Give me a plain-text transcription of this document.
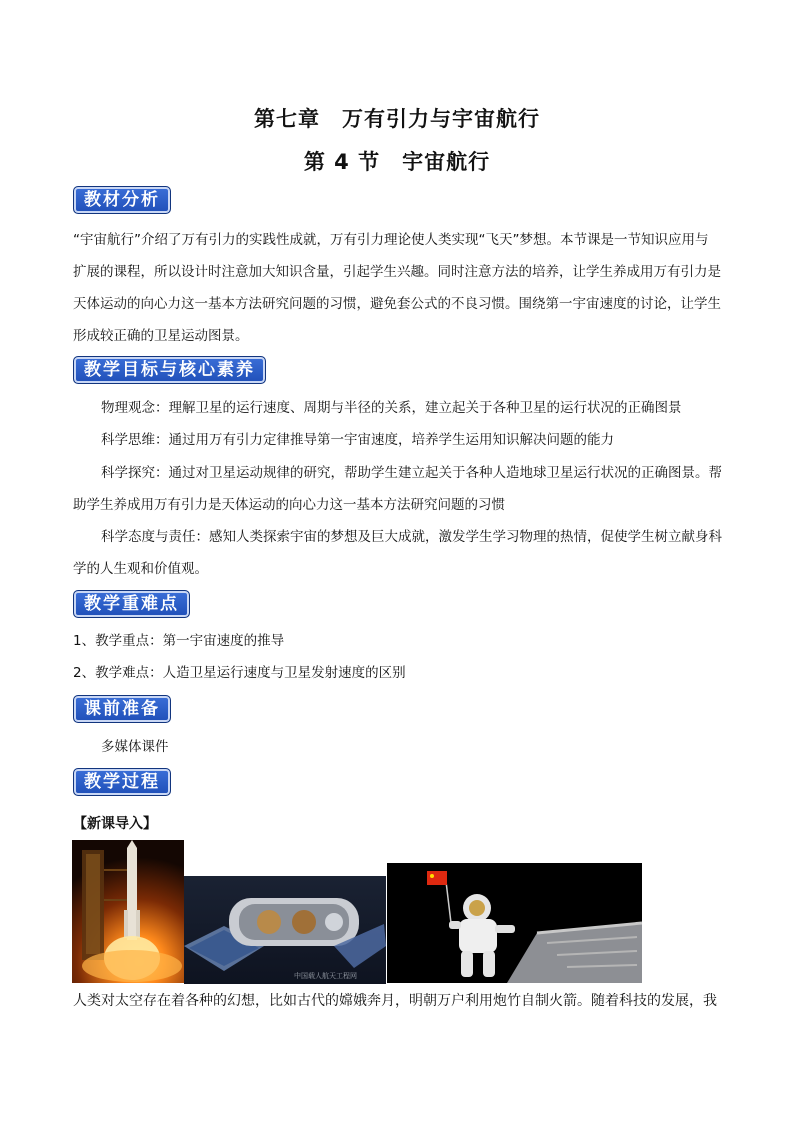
第七章　万有引力与宇宙航行
第 4 节　宇宙航行
教材分析

“宇宙航行”介绍了万有引力的实践性成就，万有引力理论使人类实现“飞天”梦想。本节课是一节知识应用与扩展的课程，所以设计时注意加大知识含量，引起学生兴趣。同时注意方法的培养，让学生养成用万有引力是天体运动的向心力这一基本方法研究问题的习惯，避免套公式的不良习惯。围绕第一宇宙速度的讨论，让学生形成较正确的卫星运动图景。

教学目标与核心素养
物理观念：理解卫星的运行速度、周期与半径的关系，建立起关于各种卫星的运行状况的正确图景
科学思维：通过用万有引力定律推导第一宇宙速度，培养学生运用知识解决问题的能力

科学探究：通过对卫星运动规律的研究，帮助学生建立起关于各种人造地球卫星运行状况的正确图景。帮助学生养成用万有引力是天体运动的向心力这一基本方法研究问题的习惯

科学态度与责任：感知人类探索宇宙的梦想及巨大成就，激发学生学习物理的热情，促使学生树立献身科学的人生观和价值观。

教学重难点
1、教学重点：第一宇宙速度的推导
2、教学难点：人造卫星运行速度与卫星发射速度的区别
课前准备
多媒体课件
教学过程
【新课导入】
中国载人航天工程网
人类对太空存在着各种的幻想，比如古代的嫦娥奔月，明朝万户利用炮竹自制火箭。随着科技的发展，我
